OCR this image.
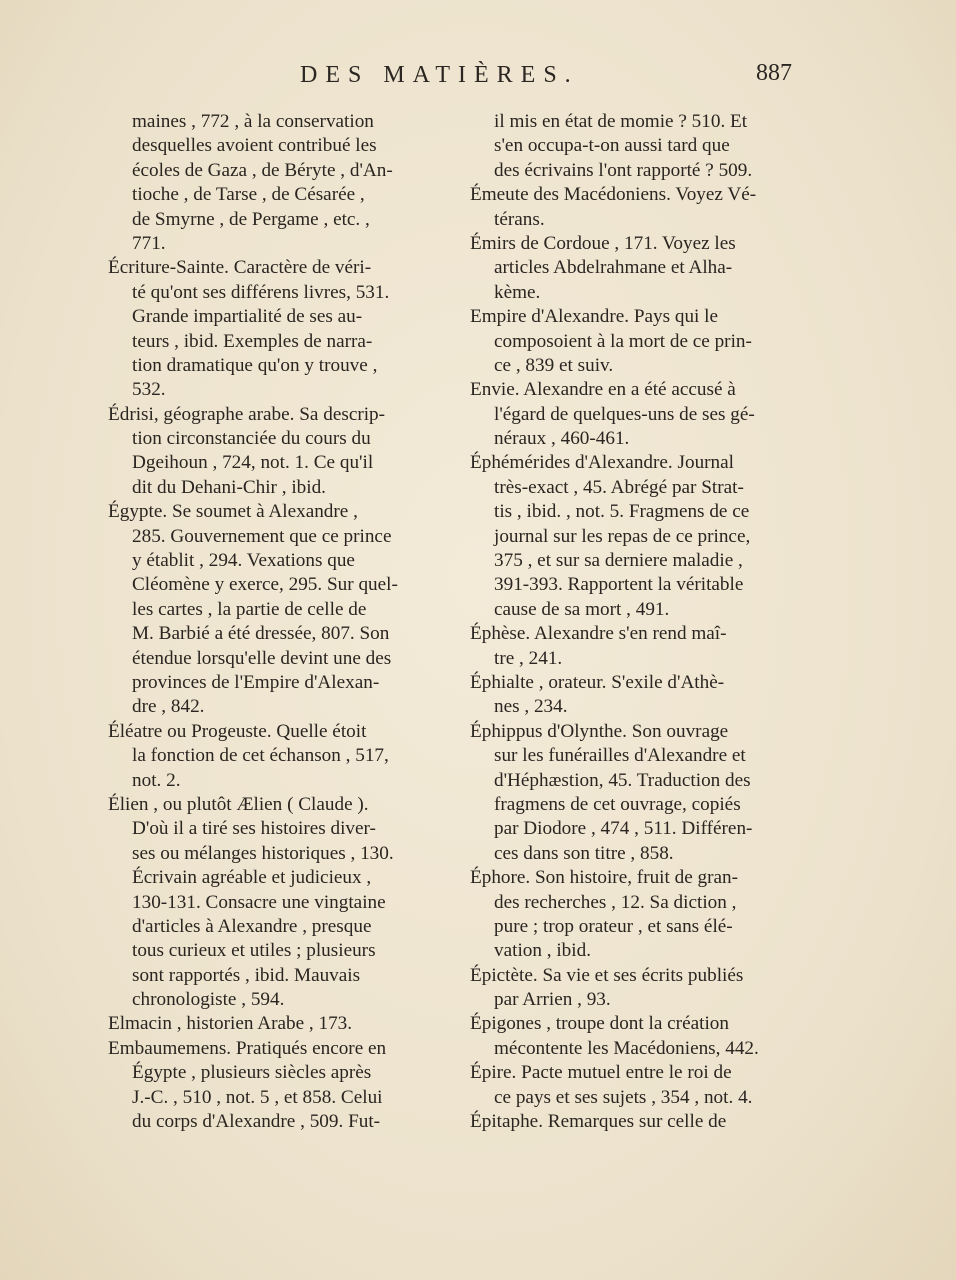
DES MATIÈRES.	887
maines , 772 , à la conservation
desquelles avoient contribué les
écoles de Gaza , de Béryte , d'An-
tioche , de Tarse , de Césarée ,
de Smyrne , de Pergame , etc. ,
771.
Écriture-Sainte. Caractère de véri-
té qu'ont ses différens livres, 531.
Grande impartialité de ses au-
teurs , ibid. Exemples de narra-
tion dramatique qu'on y trouve ,
532.
Édrisi, géographe arabe. Sa descrip-
tion circonstanciée du cours du
Dgeihoun , 724, not. 1. Ce qu'il
dit du Dehani-Chir , ibid.
Égypte. Se soumet à Alexandre ,
285. Gouvernement que ce prince
y établit , 294. Vexations que
Cléomène y exerce, 295. Sur quel-
les cartes , la partie de celle de
M. Barbié a été dressée, 807. Son
étendue lorsqu'elle devint une des
provinces de l'Empire d'Alexan-
dre , 842.
Éléatre ou Progeuste. Quelle étoit
la fonction de cet échanson , 517,
not. 2.
Élien , ou plutôt Ælien ( Claude ).
D'où il a tiré ses histoires diver-
ses ou mélanges historiques , 130.
Écrivain agréable et judicieux ,
130-131. Consacre une vingtaine
d'articles à Alexandre , presque
tous curieux et utiles ; plusieurs
sont rapportés , ibid. Mauvais
chronologiste , 594.
Elmacin , historien Arabe , 173.
Embaumemens. Pratiqués encore en
Égypte , plusieurs siècles après
J.-C. , 510 , not. 5 , et 858. Celui
du corps d'Alexandre , 509. Fut-
il mis en état de momie ? 510. Et
s'en occupa-t-on aussi tard que
des écrivains l'ont rapporté ? 509.
Émeute des Macédoniens. Voyez Vé-
térans.
Émirs de Cordoue , 171. Voyez les
articles Abdelrahmane et Alha-
kème.
Empire d'Alexandre. Pays qui le
composoient à la mort de ce prin-
ce , 839 et suiv.
Envie. Alexandre en a été accusé à
l'égard de quelques-uns de ses gé-
néraux , 460-461.
Éphémérides d'Alexandre. Journal
très-exact , 45. Abrégé par Strat-
tis , ibid. , not. 5. Fragmens de ce
journal sur les repas de ce prince,
375 , et sur sa derniere maladie ,
391-393. Rapportent la véritable
cause de sa mort , 491.
Éphèse. Alexandre s'en rend maî-
tre , 241.
Éphialte , orateur. S'exile d'Athè-
nes , 234.
Éphippus d'Olynthe. Son ouvrage
sur les funérailles d'Alexandre et
d'Héphæstion, 45. Traduction des
fragmens de cet ouvrage, copiés
par Diodore , 474 , 511. Différen-
ces dans son titre , 858.
Éphore. Son histoire, fruit de gran-
des recherches , 12. Sa diction ,
pure ; trop orateur , et sans élé-
vation , ibid.
Épictète. Sa vie et ses écrits publiés
par Arrien , 93.
Épigones , troupe dont la création
mécontente les Macédoniens, 442.
Épire. Pacte mutuel entre le roi de
ce pays et ses sujets , 354 , not. 4.
Épitaphe. Remarques sur celle de
